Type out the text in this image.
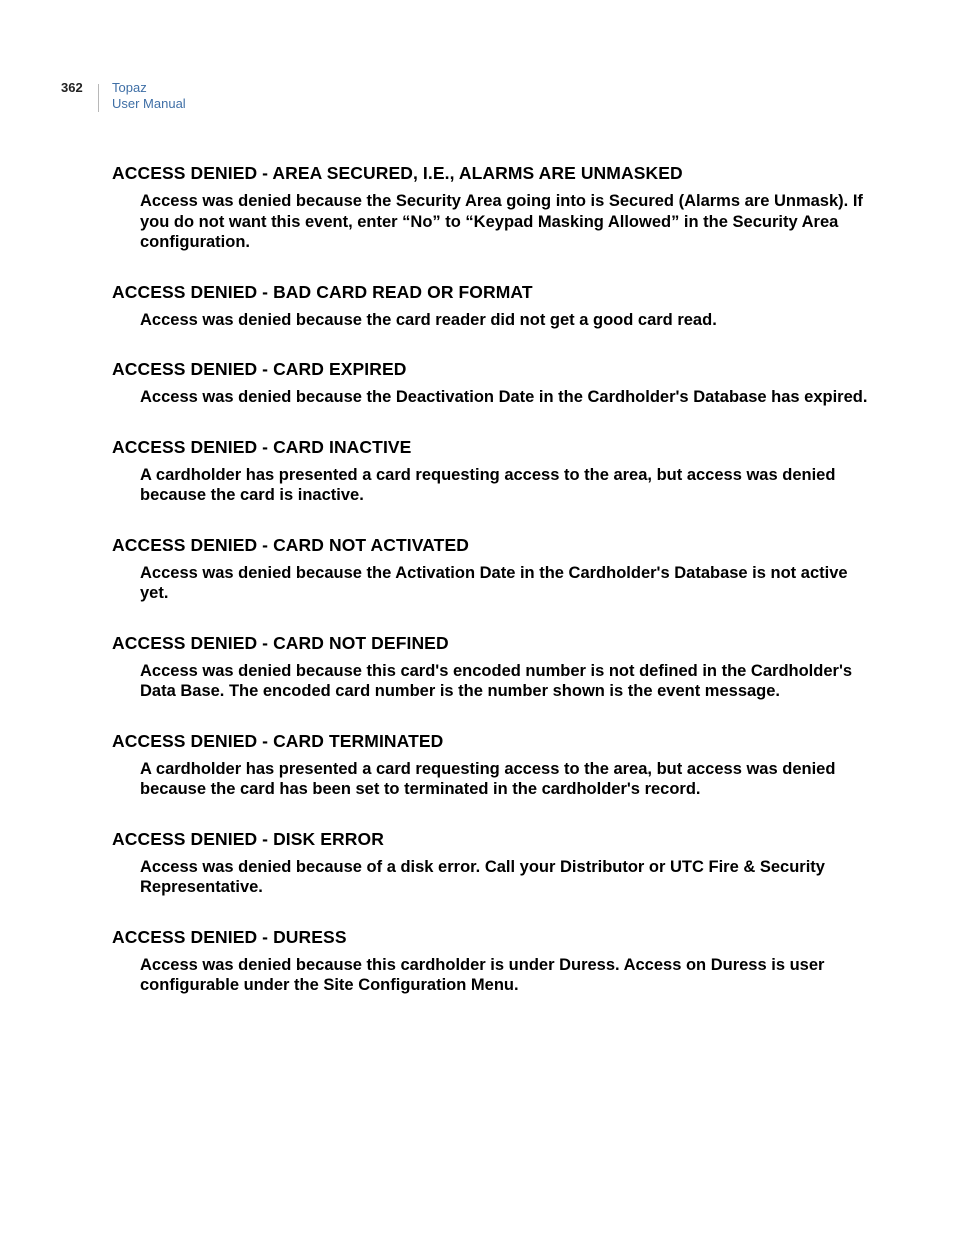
362 Topaz
User Manual
ACCESS DENIED - AREA SECURED, I.E., ALARMS ARE UNMASKED
Access was denied because the Security Area going into is Secured (Alarms are Unmask). If you do not want this event, enter “No” to “Keypad Masking Allowed” in the Security Area configuration.
ACCESS DENIED - BAD CARD READ OR FORMAT
Access was denied because the card reader did not get a good card read.
ACCESS DENIED - CARD EXPIRED
Access was denied because the Deactivation Date in the Cardholder's Database has expired.
ACCESS DENIED - CARD INACTIVE
A cardholder has presented a card requesting access to the area, but access was denied because the card is inactive.
ACCESS DENIED - CARD NOT ACTIVATED
Access was denied because the Activation Date in the Cardholder's Database is not active yet.
ACCESS DENIED - CARD NOT DEFINED
Access was denied because this card's encoded number is not defined in the Cardholder's Data Base. The encoded card number is the number shown is the event message.
ACCESS DENIED - CARD TERMINATED
A cardholder has presented a card requesting access to the area, but access was denied because the card has been set to terminated in the cardholder's record.
ACCESS DENIED - DISK ERROR
Access was denied because of a disk error. Call your Distributor or UTC Fire & Security Representative.
ACCESS DENIED - DURESS
Access was denied because this cardholder is under Duress. Access on Duress is user configurable under the Site Configuration Menu.
